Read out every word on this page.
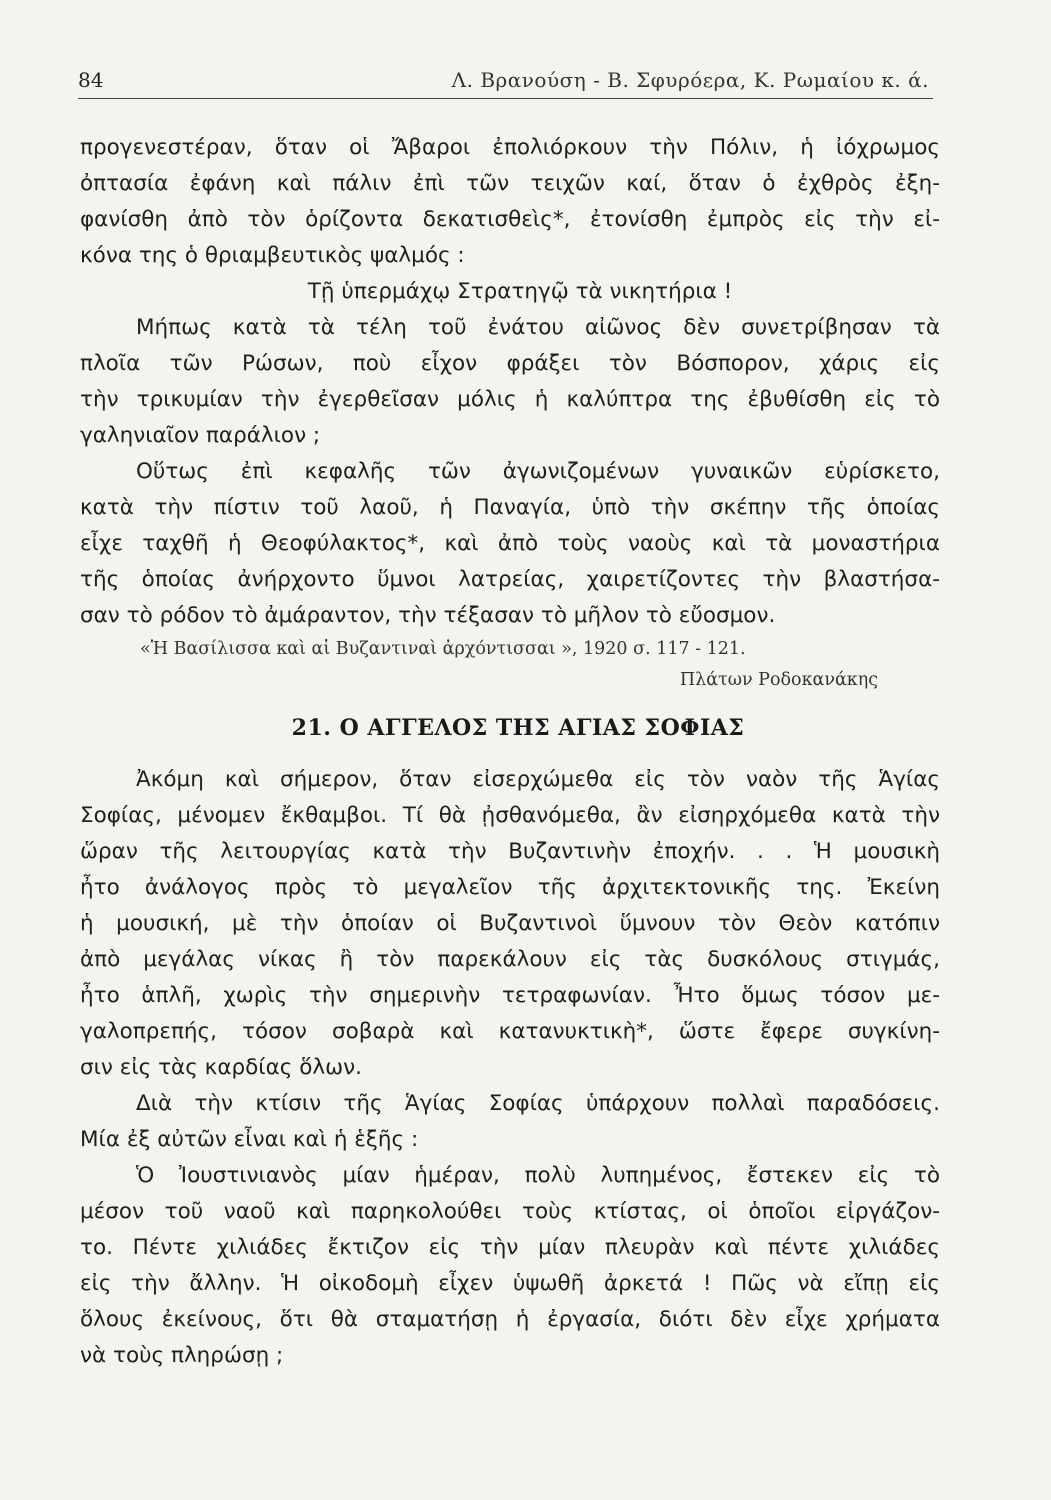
84	Λ. Βρανούση - Β. Σφυρόερα, Κ. Ρωμαίου κ. ά.
προγενεστέραν, ὅταν οἱ Ἄβαροι ἐπολιόρκουν τὴν Πόλιν, ἡ ἰόχρωμος
ὀπτασία ἐφάνη καὶ πάλιν ἐπὶ τῶν τειχῶν καί, ὅταν ὁ ἐχθρὸς ἐξη-
φανίσθη ἀπὸ τὸν ὁρίζοντα δεκατισθεὶς*, ἐτονίσθη ἐμπρὸς εἰς τὴν εἰ-
κόνα της ὁ θριαμβευτικὸς ψαλμός :
Τῇ ὑπερμάχῳ Στρατηγῷ τὰ νικητήρια !
Μήπως κατὰ τὰ τέλη τοῦ ἐνάτου αἰῶνος δὲν συνετρίβησαν τὰ
πλοῖα τῶν Ρώσων, ποὺ εἶχον φράξει τὸν Βόσπορον, χάρις εἰς
τὴν τρικυμίαν τὴν ἐγερθεῖσαν μόλις ἡ καλύπτρα της ἐβυθίσθη εἰς τὸ
γαληνιαῖον παράλιον ;
Οὕτως ἐπὶ κεφαλῆς τῶν ἀγωνιζομένων γυναικῶν εὑρίσκετο,
κατὰ τὴν πίστιν τοῦ λαοῦ, ἡ Παναγία, ὑπὸ τὴν σκέπην τῆς ὁποίας
εἶχε ταχθῆ ἡ Θεοφύλακτος*, καὶ ἀπὸ τοὺς ναοὺς καὶ τὰ μοναστήρια
τῆς ὁποίας ἀνήρχοντο ὕμνοι λατρείας, χαιρετίζοντες τὴν βλαστήσα-
σαν τὸ ρόδον τὸ ἀμάραντον, τὴν τέξασαν τὸ μῆλον τὸ εὔοσμον.
«Ἡ Βασίλισσα καὶ αἱ Βυζαντιναὶ ἀρχόντισσαι », 1920 σ. 117 - 121.
Πλάτων Ροδοκανάκης
21. Ο ΑΓΓΕΛΟΣ ΤΗΣ ΑΓΙΑΣ ΣΟΦΙΑΣ
Ἀκόμη καὶ σήμερον, ὅταν εἰσερχώμεθα εἰς τὸν ναὸν τῆς Ἁγίας
Σοφίας, μένομεν ἔκθαμβοι. Τί θὰ ᾐσθανόμεθα, ἂν εἰσηρχόμεθα κατὰ τὴν
ὥραν τῆς λειτουργίας κατὰ τὴν Βυζαντινὴν ἐποχήν. . . Ἡ μουσικὴ
ἦτο ἀνάλογος πρὸς τὸ μεγαλεῖον τῆς ἀρχιτεκτονικῆς της. Ἐκείνη
ἡ μουσική, μὲ τὴν ὁποίαν οἱ Βυζαντινοὶ ὕμνουν τὸν Θεὸν κατόπιν
ἀπὸ μεγάλας νίκας ἢ τὸν παρεκάλουν εἰς τὰς δυσκόλους στιγμάς,
ἦτο ἁπλῆ, χωρὶς τὴν σημερινὴν τετραφωνίαν. Ἦτο ὅμως τόσον με-
γαλοπρεπής, τόσον σοβαρὰ καὶ κατανυκτικὴ*, ὥστε ἔφερε συγκίνη-
σιν εἰς τὰς καρδίας ὅλων.
Διὰ τὴν κτίσιν τῆς Ἁγίας Σοφίας ὑπάρχουν πολλαὶ παραδόσεις.
Μία ἐξ αὐτῶν εἶναι καὶ ἡ ἑξῆς :
Ὁ Ἰουστινιανὸς μίαν ἡμέραν, πολὺ λυπημένος, ἔστεκεν εἰς τὸ
μέσον τοῦ ναοῦ καὶ παρηκολούθει τοὺς κτίστας, οἱ ὁποῖοι εἰργάζον-
το. Πέντε χιλιάδες ἔκτιζον εἰς τὴν μίαν πλευρὰν καὶ πέντε χιλιάδες
εἰς τὴν ἄλλην. Ἡ οἰκοδομὴ εἶχεν ὑψωθῆ ἀρκετά ! Πῶς νὰ εἴπῃ εἰς
ὅλους ἐκείνους, ὅτι θὰ σταματήσῃ ἡ ἐργασία, διότι δὲν εἶχε χρήματα
νὰ τοὺς πληρώσῃ ;
